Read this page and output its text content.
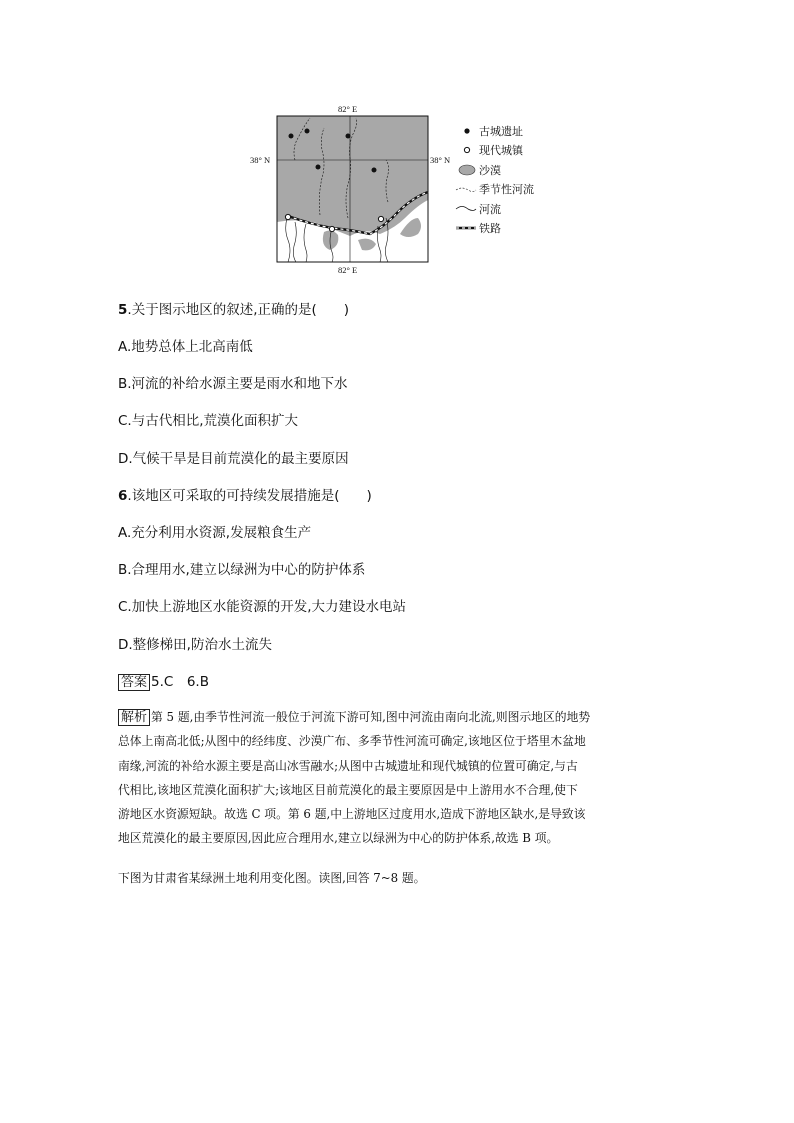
82° E
82° E
38° N	38° N
古城遗址
现代城镇
沙漠
季节性河流
河流
铁路
5.关于图示地区的叙述,正确的是(　　)
A.地势总体上北高南低
B.河流的补给水源主要是雨水和地下水
C.与古代相比,荒漠化面积扩大
D.气候干旱是目前荒漠化的最主要原因
6.该地区可采取的可持续发展措施是(　　)
A.充分利用水资源,发展粮食生产
B.合理用水,建立以绿洲为中心的防护体系
C.加快上游地区水能资源的开发,大力建设水电站
D.整修梯田,防治水土流失
答案 5.C　6.B
解析 第 5 题,由季节性河流一般位于河流下游可知,图中河流由南向北流,则图示地区的地势
总体上南高北低;从图中的经纬度、沙漠广布、多季节性河流可确定,该地区位于塔里木盆地
南缘,河流的补给水源主要是高山冰雪融水;从图中古城遗址和现代城镇的位置可确定,与古
代相比,该地区荒漠化面积扩大;该地区目前荒漠化的最主要原因是中上游用水不合理,使下
游地区水资源短缺。故选 C 项。第 6 题,中上游地区过度用水,造成下游地区缺水,是导致该
地区荒漠化的最主要原因,因此应合理用水,建立以绿洲为中心的防护体系,故选 B 项。
下图为甘肃省某绿洲土地利用变化图。读图,回答 7~8 题。
